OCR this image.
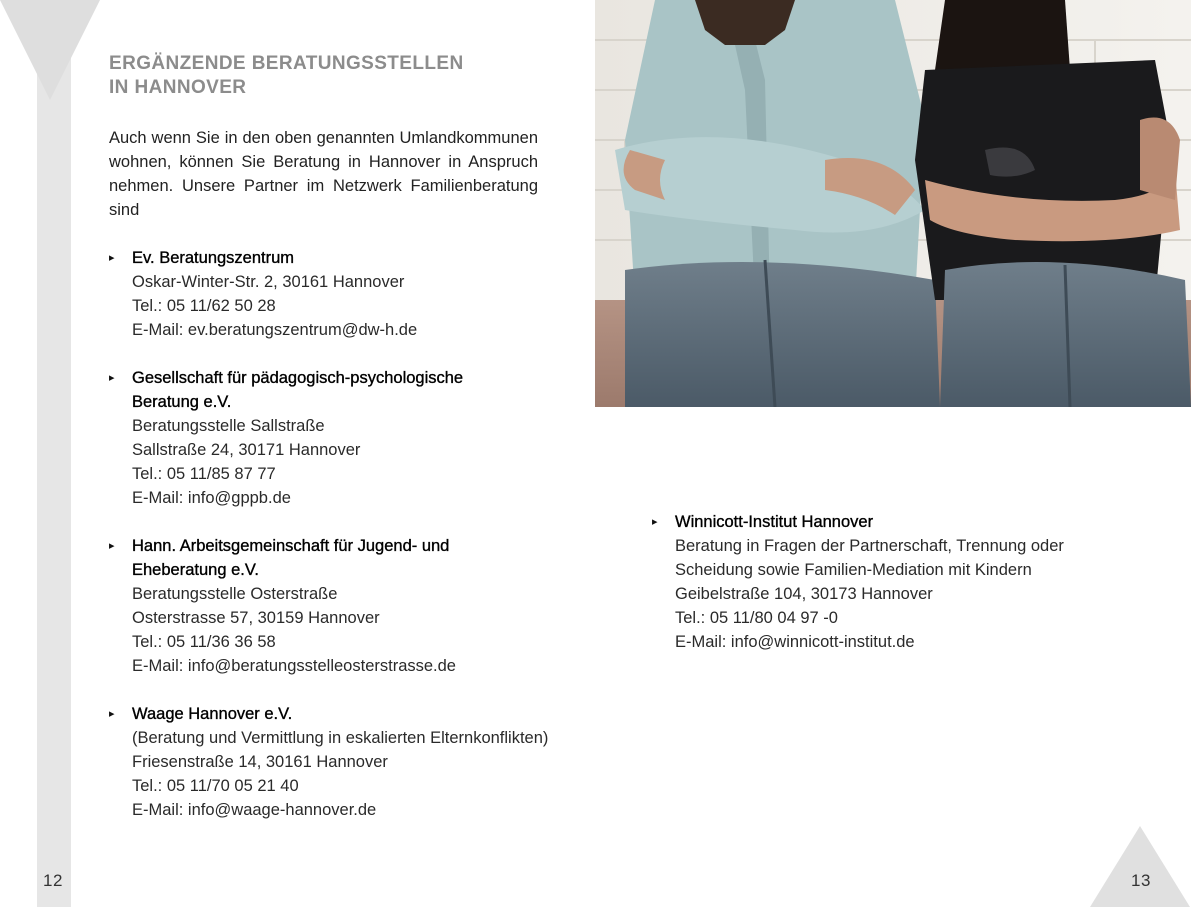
12	13
ERGÄNZENDE BERATUNGSSTELLEN
IN HANNOVER

Auch wenn Sie in den oben genannten Umlandkommunen wohnen, können Sie Beratung in Hannover in Anspruch nehmen. Unsere Partner im Netzwerk Familienberatung sind

▸ Ev. Beratungszentrum
Oskar-Winter-Str. 2, 30161 Hannover
Tel.: 05 11/62 50 28
E-Mail: ev.beratungszentrum@dw-h.de
▸ Gesellschaft für pädagogisch-psychologische
Beratung e.V.
Beratungsstelle Sallstraße
Sallstraße 24, 30171 Hannover
Tel.: 05 11/85 87 77
E-Mail: info@gppb.de
▸ Hann. Arbeitsgemeinschaft für Jugend- und
Eheberatung e.V.
Beratungsstelle Osterstraße
Osterstrasse 57, 30159 Hannover
Tel.: 05 11/36 36 58
E-Mail: info@beratungsstelleosterstrasse.de
▸ Waage Hannover e.V.
(Beratung und Vermittlung in eskalierten Elternkonflikten)
Friesenstraße 14, 30161 Hannover
Tel.: 05 11/70 05 21 40
E-Mail: info@waage-hannover.de
▸ Winnicott-Institut Hannover
Beratung in Fragen der Partnerschaft, Trennung oder
Scheidung sowie Familien-Mediation mit Kindern
Geibelstraße 104, 30173 Hannover
Tel.: 05 11/80 04 97 -0
E-Mail: info@winnicott-institut.de
